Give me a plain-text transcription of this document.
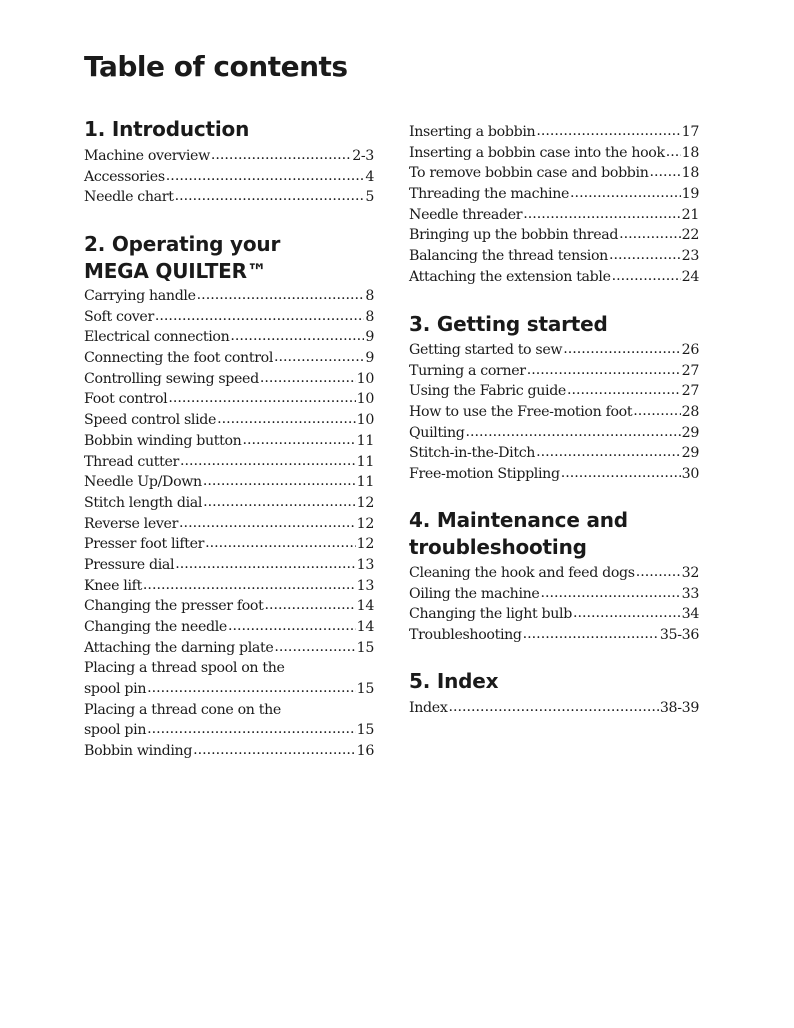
Table of contents
1. Introduction
Machine overview .....	2-3
Accessories .....	4
Needle chart .....	5
2. Operating your
MEGA QUILTER™
Carrying handle .....	8
Soft cover .....	8
Electrical connection .....	9
Connecting the foot control .....	9
Controlling sewing speed .....	10
Foot control .....	10
Speed control slide .....	10
Bobbin winding button .....	11
Thread cutter .....	11
Needle Up/Down .....	11
Stitch length dial .....	12
Reverse lever .....	12
Presser foot lifter .....	12
Pressure dial .....	13
Knee lift .....	13
Changing the presser foot .....	14
Changing the needle .....	14
Attaching the darning plate .....	15
Placing a thread spool on the
spool pin .....	15
Placing a thread cone on the
spool pin .....	15
Bobbin winding .....	16
Inserting a bobbin .....	17
Inserting a bobbin case into the hook ..... 18
To remove bobbin case and bobbin ..... 18
Threading the machine .....	19
Needle threader .....	21
Bringing up the bobbin thread .....	22
Balancing the thread tension .....	23
Attaching the extension table .....	24
3. Getting started
Getting started to sew .....	26
Turning a corner .....	27
Using the Fabric guide .....	27
How to use the Free-motion foot .....	28
Quilting .....	29
Stitch-in-the-Ditch .....	29
Free-motion Stippling .....	30
4. Maintenance and
troubleshooting
Cleaning the hook and feed dogs .....	32
Oiling the machine .....	33
Changing the light bulb .....	34
Troubleshooting .....	35-36
5. Index
Index .....	38-39
